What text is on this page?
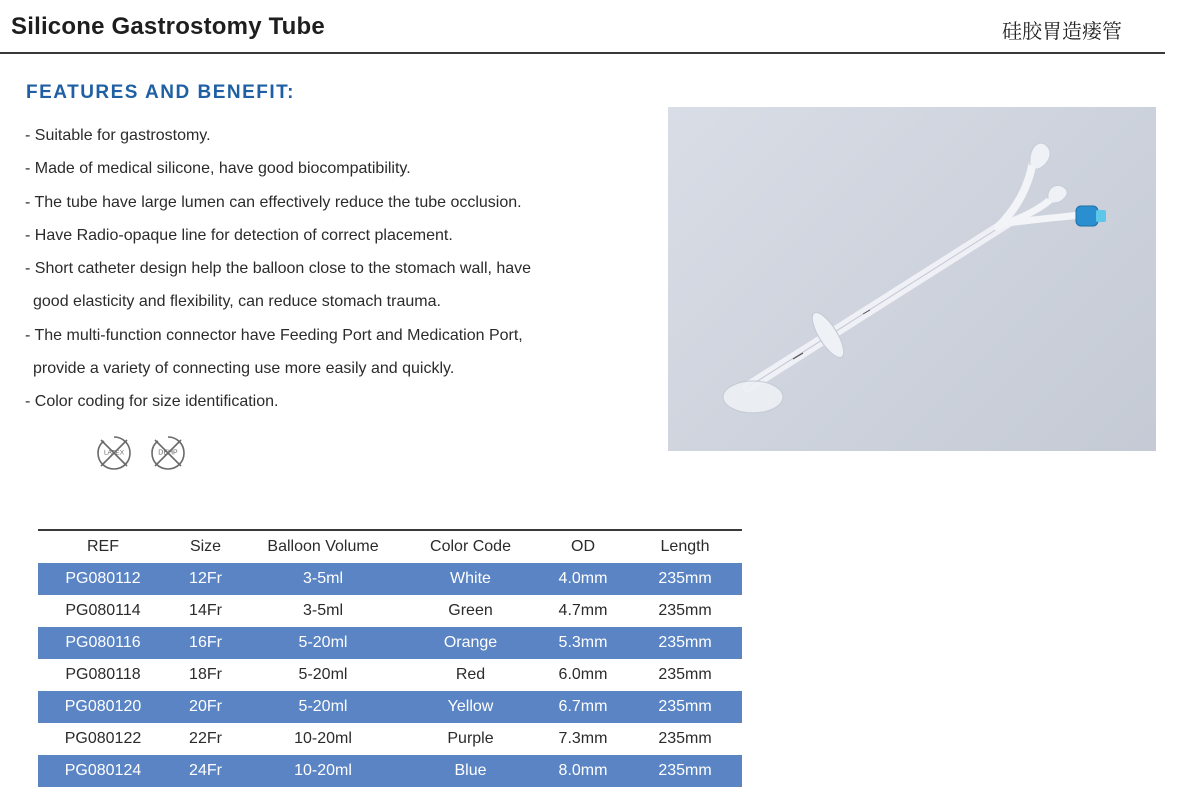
Silicone Gastrostomy Tube	硅胶胃造瘘管
FEATURES AND BENEFIT:
- Suitable for gastrostomy.
- Made of medical silicone, have good biocompatibility.
- The tube have large lumen can effectively reduce the tube occlusion.
- Have Radio-opaque line for detection of correct placement.
- Short catheter design help the balloon close to the stomach wall, have
good elasticity and flexibility, can reduce stomach trauma.
- The multi-function connector have Feeding Port and Medication Port,
provide a variety of connecting use more easily and quickly.
- Color coding for size identification.
LATEX	DEHP
REF	Size	Balloon Volume	Color Code	OD	Length
PG080112	12Fr	3-5ml	White	4.0mm	235mm
PG080114	14Fr	3-5ml	Green	4.7mm	235mm
PG080116	16Fr	5-20ml	Orange	5.3mm	235mm
PG080118	18Fr	5-20ml	Red	6.0mm	235mm
PG080120	20Fr	5-20ml	Yellow	6.7mm	235mm
PG080122	22Fr	10-20ml	Purple	7.3mm	235mm
PG080124	24Fr	10-20ml	Blue	8.0mm	235mm
